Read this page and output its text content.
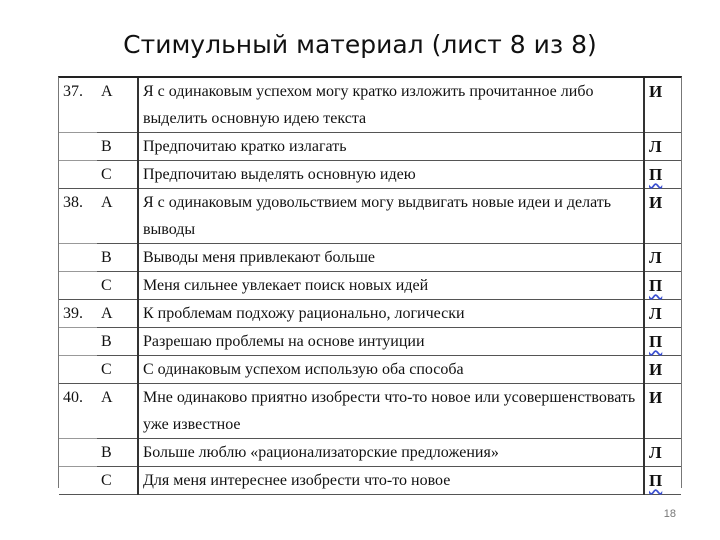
Стимульный материал (лист 8 из 8)
37.	A	Я с одинаковым успехом могу кратко изложить прочитанное либо выделить основную идею текста	И
	B	Предпочитаю кратко излагать	Л
	C	Предпочитаю выделять основную идею	П
38.	A	Я с одинаковым удовольствием могу выдвигать новые идеи и делать выводы	И
	B	Выводы меня привлекают больше	Л
	C	Меня сильнее увлекает поиск новых идей	П
39.	A	К проблемам подхожу рационально, логически	Л
	B	Разрешаю проблемы на основе интуиции	П
	C	С одинаковым успехом использую оба способа	И
40.	A	Мне одинаково приятно изобрести что-то новое или усовершенствовать уже известное	И
	B	Больше люблю «рационализаторские предложения»	Л
	C	Для меня интереснее изобрести что-то новое	П
18
